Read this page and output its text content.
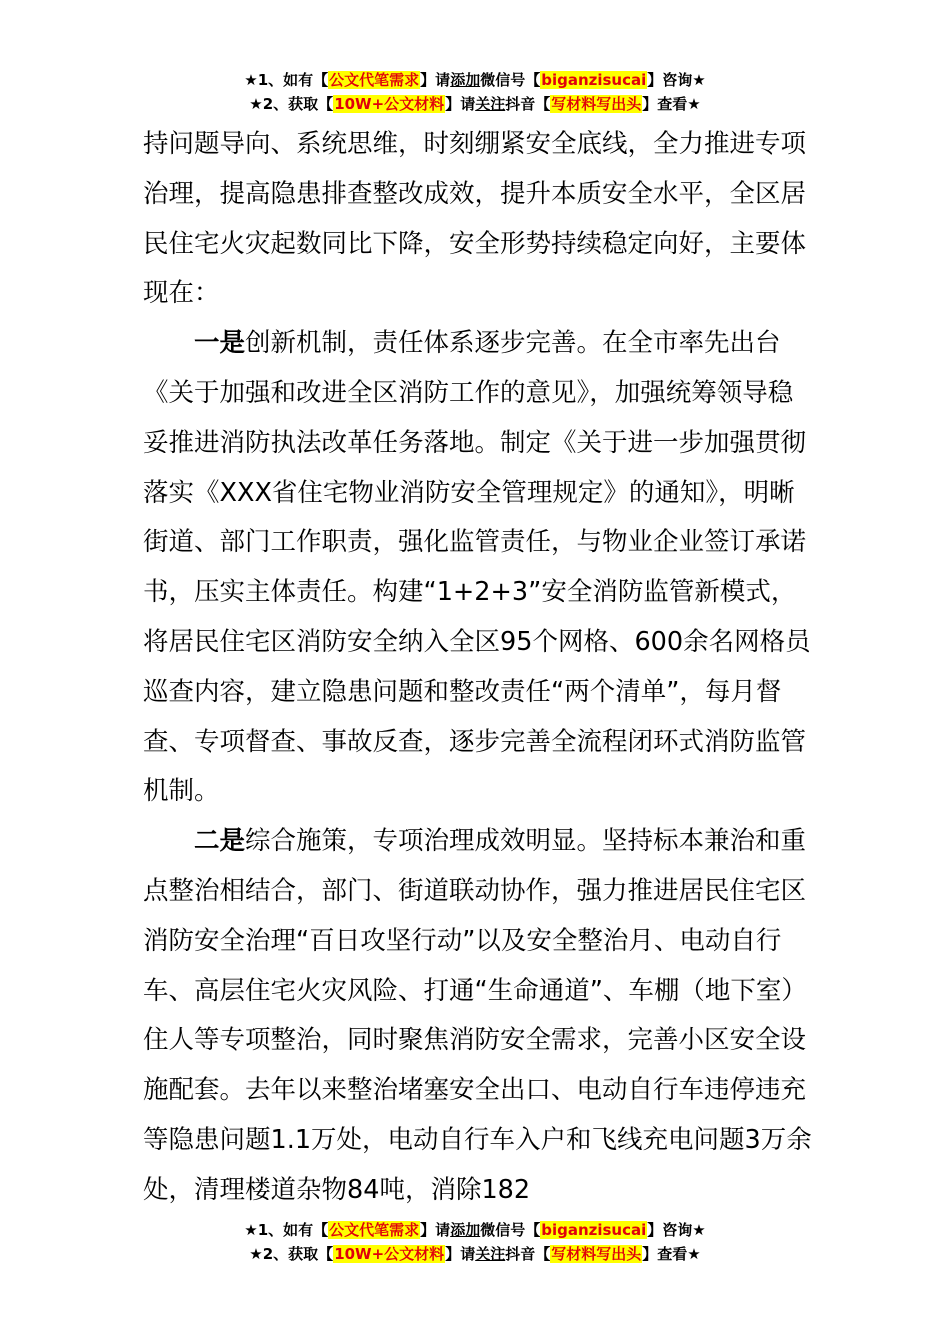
★1、如有【公文代笔需求】请添加微信号【biganzisucai】咨询★
★2、获取【10W+公文材料】请关注抖音【写材料写出头】查看★

持问题导向、系统思维，时刻绷紧安全底线，全力推进专项治理，提高隐患排查整改成效，提升本质安全水平，全区居民住宅火灾起数同比下降，安全形势持续稳定向好，主要体现在：

一是创新机制，责任体系逐步完善。在全市率先出台《关于加强和改进全区消防工作的意见》，加强统筹领导稳妥推进消防执法改革任务落地。制定《关于进一步加强贯彻落实《XXX省住宅物业消防安全管理规定》的通知》，明晰街道、部门工作职责，强化监管责任，与物业企业签订承诺书，压实主体责任。构建“1+2+3”安全消防监管新模式，将居民住宅区消防安全纳入全区95个网格、600余名网格员巡查内容，建立隐患问题和整改责任“两个清单”，每月督查、专项督查、事故反查，逐步完善全流程闭环式消防监管机制。

二是综合施策，专项治理成效明显。坚持标本兼治和重点整治相结合，部门、街道联动协作，强力推进居民住宅区消防安全治理“百日攻坚行动”以及安全整治月、电动自行车、高层住宅火灾风险、打通“生命通道”、车棚（地下室）住人等专项整治，同时聚焦消防安全需求，完善小区安全设施配套。去年以来整治堵塞安全出口、电动自行车违停违充等隐患问题1.1万处，电动自行车入户和飞线充电问题3万余处，清理楼道杂物84吨，消除182

★1、如有【公文代笔需求】请添加微信号【biganzisucai】咨询★
★2、获取【10W+公文材料】请关注抖音【写材料写出头】查看★
